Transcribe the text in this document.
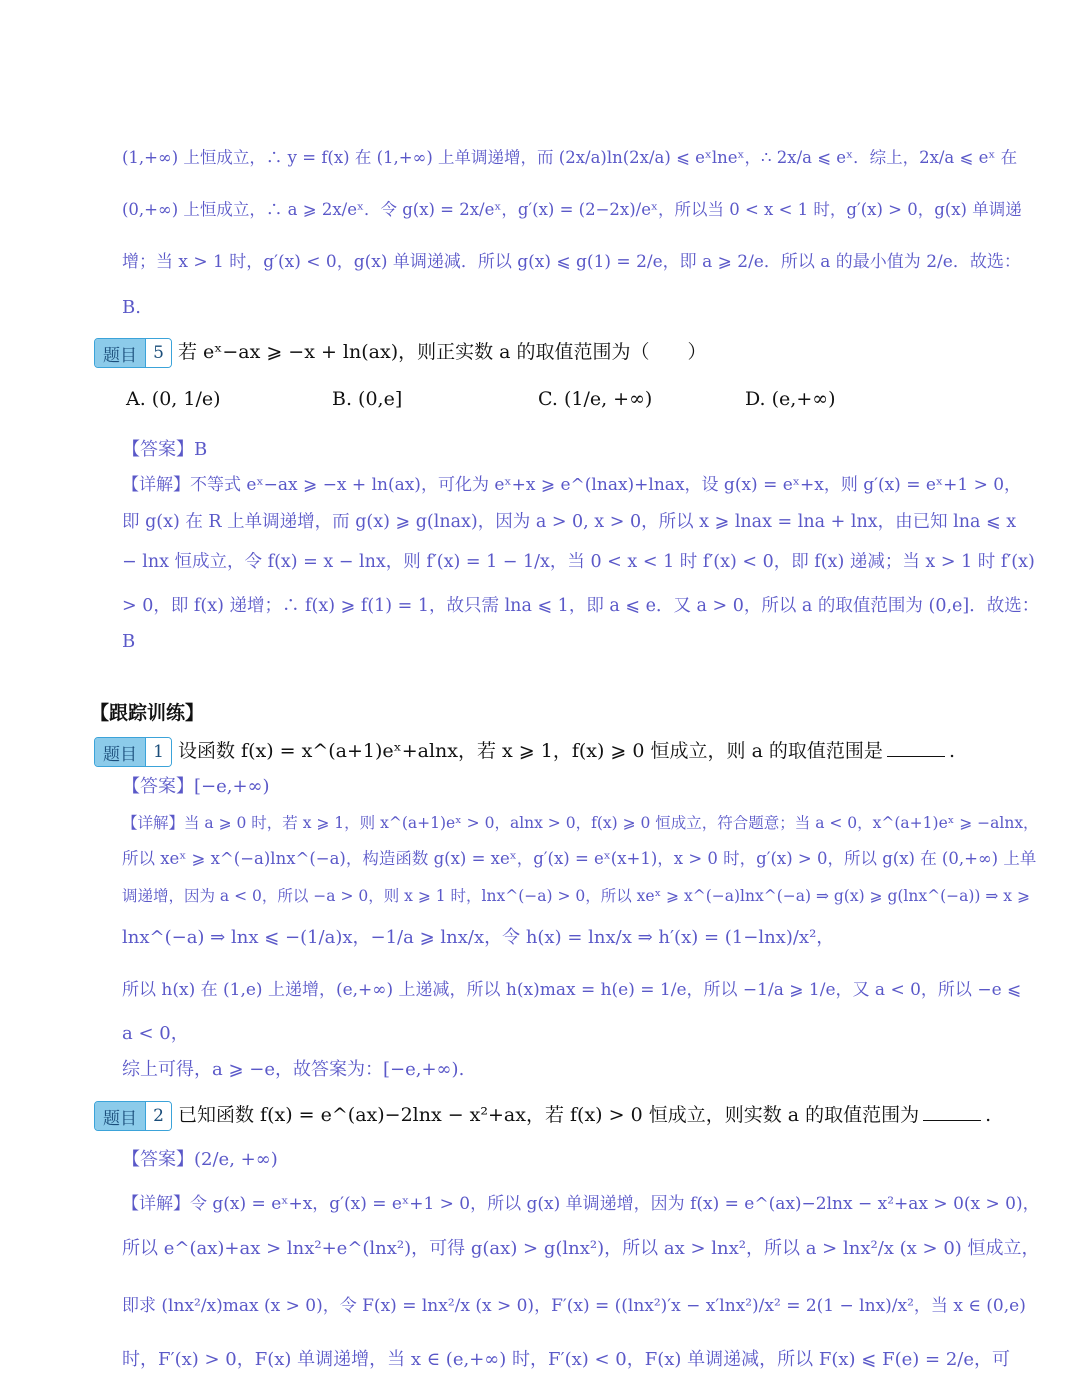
(1,+∞) 上恒成立，∴ y = f(x) 在 (1,+∞) 上单调递增，而 (2x/a)ln(2x/a) ⩽ eˣlneˣ，∴ 2x/a ⩽ eˣ．综上，2x/a ⩽ eˣ 在
(0,+∞) 上恒成立，∴ a ⩾ 2x/eˣ．令 g(x) = 2x/eˣ，g′(x) = (2−2x)/eˣ，所以当 0 < x < 1 时，g′(x) > 0，g(x) 单调递
增；当 x > 1 时，g′(x) < 0，g(x) 单调递减．所以 g(x) ⩽ g(1) = 2/e，即 a ⩾ 2/e．所以 a 的最小值为 2/e．故选：
B.
题目 5 若 eˣ−ax ⩾ −x + ln(ax)，则正实数 a 的取值范围为（　　）
A. (0, 1/e)	B. (0,e]	C. (1/e, +∞)	D. (e,+∞)
【答案】B
【详解】不等式 eˣ−ax ⩾ −x + ln(ax)，可化为 eˣ+x ⩾ e^(lnax)+lnax，设 g(x) = eˣ+x，则 g′(x) = eˣ+1 > 0，
即 g(x) 在 R 上单调递增，而 g(x) ⩾ g(lnax)，因为 a > 0, x > 0，所以 x ⩾ lnax = lna + lnx，由已知 lna ⩽ x
− lnx 恒成立，令 f(x) = x − lnx，则 f′(x) = 1 − 1/x，当 0 < x < 1 时 f′(x) < 0，即 f(x) 递减；当 x > 1 时 f′(x)
> 0，即 f(x) 递增；∴ f(x) ⩾ f(1) = 1，故只需 lna ⩽ 1，即 a ⩽ e．又 a > 0，所以 a 的取值范围为 (0,e]．故选：
B
【跟踪训练】
题目 1 设函数 f(x) = x^(a+1)eˣ+alnx，若 x ⩾ 1，f(x) ⩾ 0 恒成立，则 a 的取值范围是	.
【答案】[−e,+∞)
【详解】当 a ⩾ 0 时，若 x ⩾ 1，则 x^(a+1)eˣ > 0，alnx > 0，f(x) ⩾ 0 恒成立，符合题意；当 a < 0，x^(a+1)eˣ ⩾ −alnx，
所以 xeˣ ⩾ x^(−a)lnx^(−a)，构造函数 g(x) = xeˣ，g′(x) = eˣ(x+1)，x > 0 时，g′(x) > 0，所以 g(x) 在 (0,+∞) 上单
调递增，因为 a < 0，所以 −a > 0，则 x ⩾ 1 时，lnx^(−a) > 0，所以 xeˣ ⩾ x^(−a)lnx^(−a) ⇒ g(x) ⩾ g(lnx^(−a)) ⇒ x ⩾
lnx^(−a) ⇒ lnx ⩽ −(1/a)x，−1/a ⩾ lnx/x，令 h(x) = lnx/x ⇒ h′(x) = (1−lnx)/x²，
所以 h(x) 在 (1,e) 上递增，(e,+∞) 上递减，所以 h(x)max = h(e) = 1/e，所以 −1/a ⩾ 1/e，又 a < 0，所以 −e ⩽
a < 0，
综上可得，a ⩾ −e，故答案为：[−e,+∞).
题目 2 已知函数 f(x) = e^(ax)−2lnx − x²+ax，若 f(x) > 0 恒成立，则实数 a 的取值范围为	.
【答案】(2/e, +∞)
【详解】令 g(x) = eˣ+x，g′(x) = eˣ+1 > 0，所以 g(x) 单调递增，因为 f(x) = e^(ax)−2lnx − x²+ax > 0(x > 0)，
所以 e^(ax)+ax > lnx²+e^(lnx²)，可得 g(ax) > g(lnx²)，所以 ax > lnx²，所以 a > lnx²/x (x > 0) 恒成立，
即求 (lnx²/x)max (x > 0)，令 F(x) = lnx²/x (x > 0)，F′(x) = ((lnx²)′x − x′lnx²)/x² = 2(1 − lnx)/x²，当 x ∈ (0,e)
时，F′(x) > 0，F(x) 单调递增，当 x ∈ (e,+∞) 时，F′(x) < 0，F(x) 单调递减，所以 F(x) ⩽ F(e) = 2/e，可
